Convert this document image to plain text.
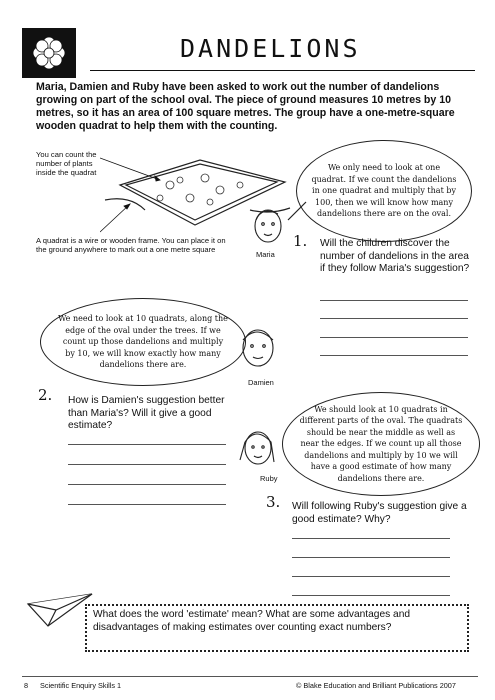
DANDELIONS
Maria, Damien and Ruby have been asked to work out the number of dandelions growing on part of the school oval. The piece of ground measures 10 metres by 10 metres, so it has an area of 100 square metres. The group have a one-metre-square wooden quadrat to help them with the counting.
You can count the number of plants inside the quadrat
A quadrat is a wire or wooden frame. You can place it on the ground anywhere to mark out a one metre square
We only need to look at one quadrat. If we count the dandelions in one quadrat and multiply that by 100, then we will know how many dandelions there are on the oval.
Maria
1. Will the children discover the number of dandelions in the area if they follow Maria's suggestion?
We need to look at 10 quadrats, along the edge of the oval under the trees. If we count up those dandelions and multiply by 10, we will know exactly how many dandelions there are.
Damien
2. How is Damien's suggestion better than Maria's? Will it give a good estimate?
We should look at 10 quadrats in different parts of the oval. The quadrats should be near the middle as well as near the edges. If we count up all those dandelions and multiply by 10 we will have a good estimate of how many dandelions there are.
Ruby
3. Will following Ruby's suggestion give a good estimate? Why?
What does the word 'estimate' mean? What are some advantages and disadvantages of making estimates over counting exact numbers?
8 Scientific Enquiry Skills 1	© Blake Education and Brilliant Publications 2007
